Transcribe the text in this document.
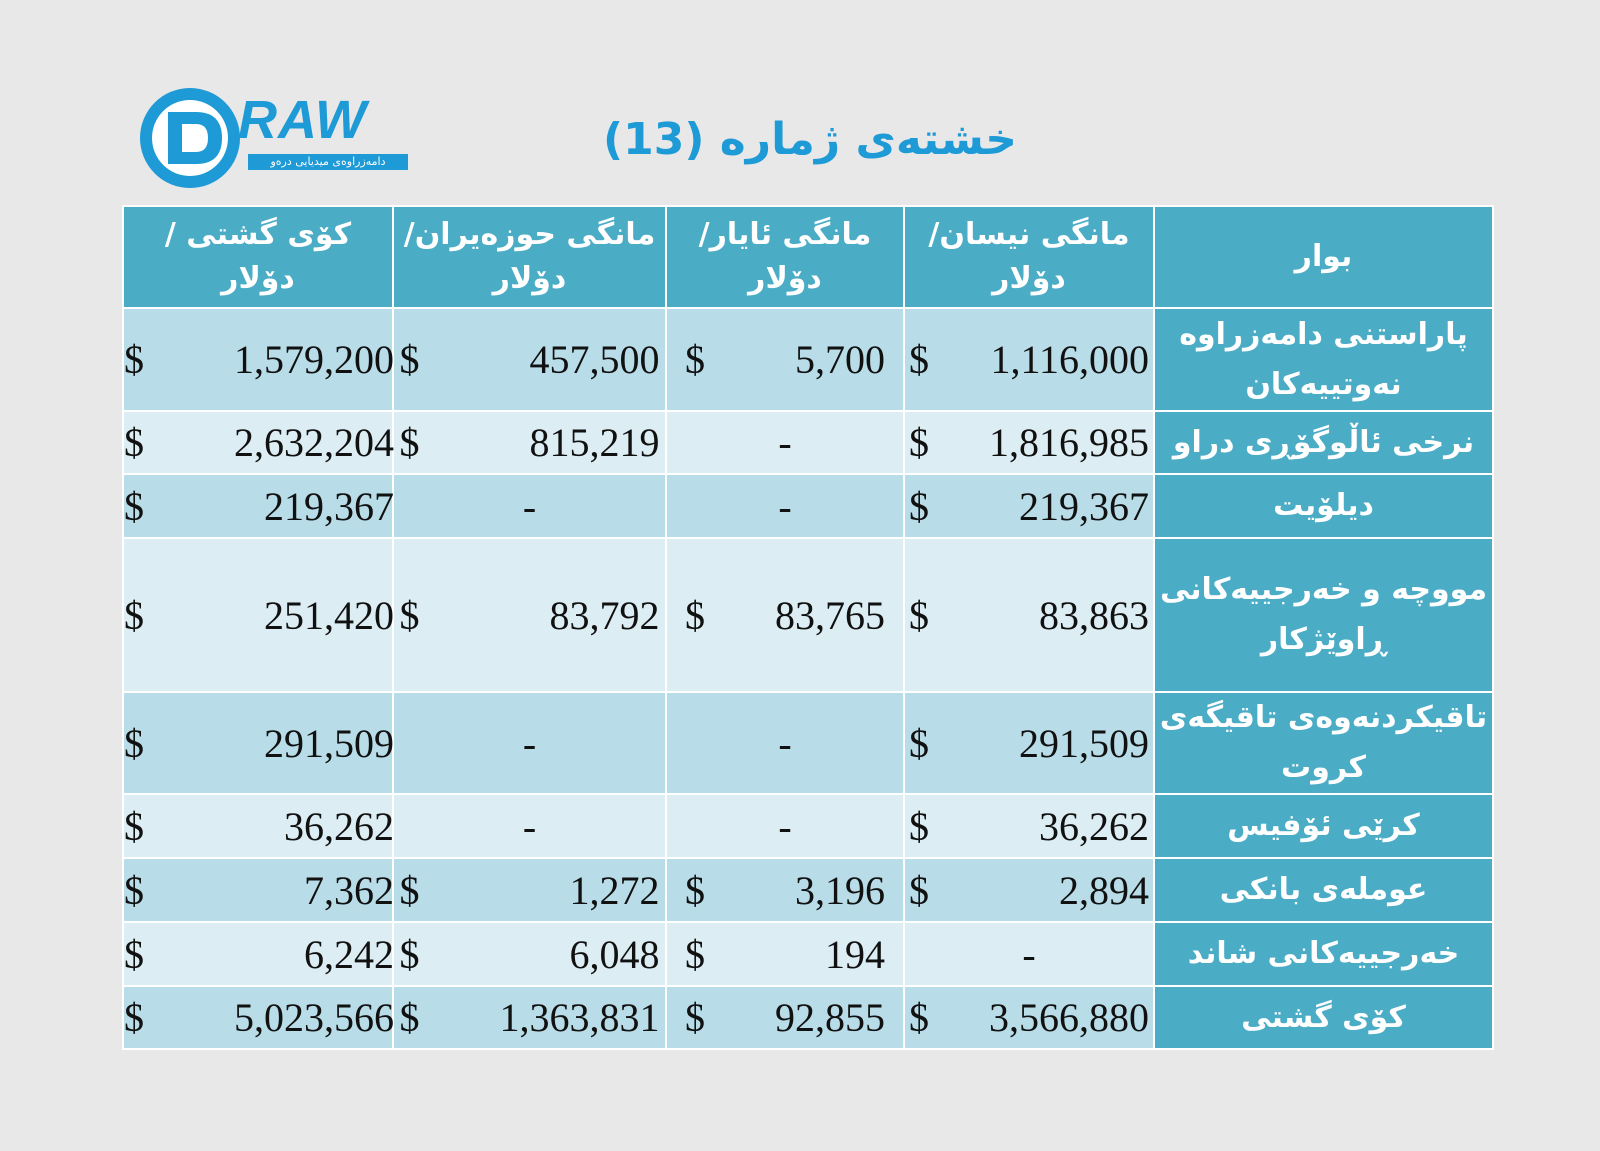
RAW
دامەزراوەی میدیایی درەو	خشتەی ژمارە (13)
کۆی گشتی / دۆلار	مانگی حوزەیران/ دۆلار	مانگی ئایار/ دۆلار	مانگی نیسان/ دۆلار	بوار
$ 1,579,200	$ 457,500	$ 5,700	$ 1,116,000	پاراستنی دامەزراوە نەوتییەکان
$ 2,632,204	$ 815,219	-	$ 1,816,985	نرخی ئاڵوگۆڕی دراو
$ 219,367	-	-	$ 219,367	دیلۆیت
$ 251,420	$ 83,792	$ 83,765	$ 83,863	مووچە و خەرجییەکانی ڕاوێژکار
$ 291,509	-	-	$ 291,509	تاقیکردنەوەی تاقیگەی کروت
$ 36,262	-	-	$ 36,262	کرێی ئۆفیس
$ 7,362	$ 1,272	$ 3,196	$ 2,894	عوملەی بانکی
$ 6,242	$ 6,048	$ 194	-	خەرجییەکانی شاند
$ 5,023,566	$ 1,363,831	$ 92,855	$ 3,566,880	کۆی گشتی
